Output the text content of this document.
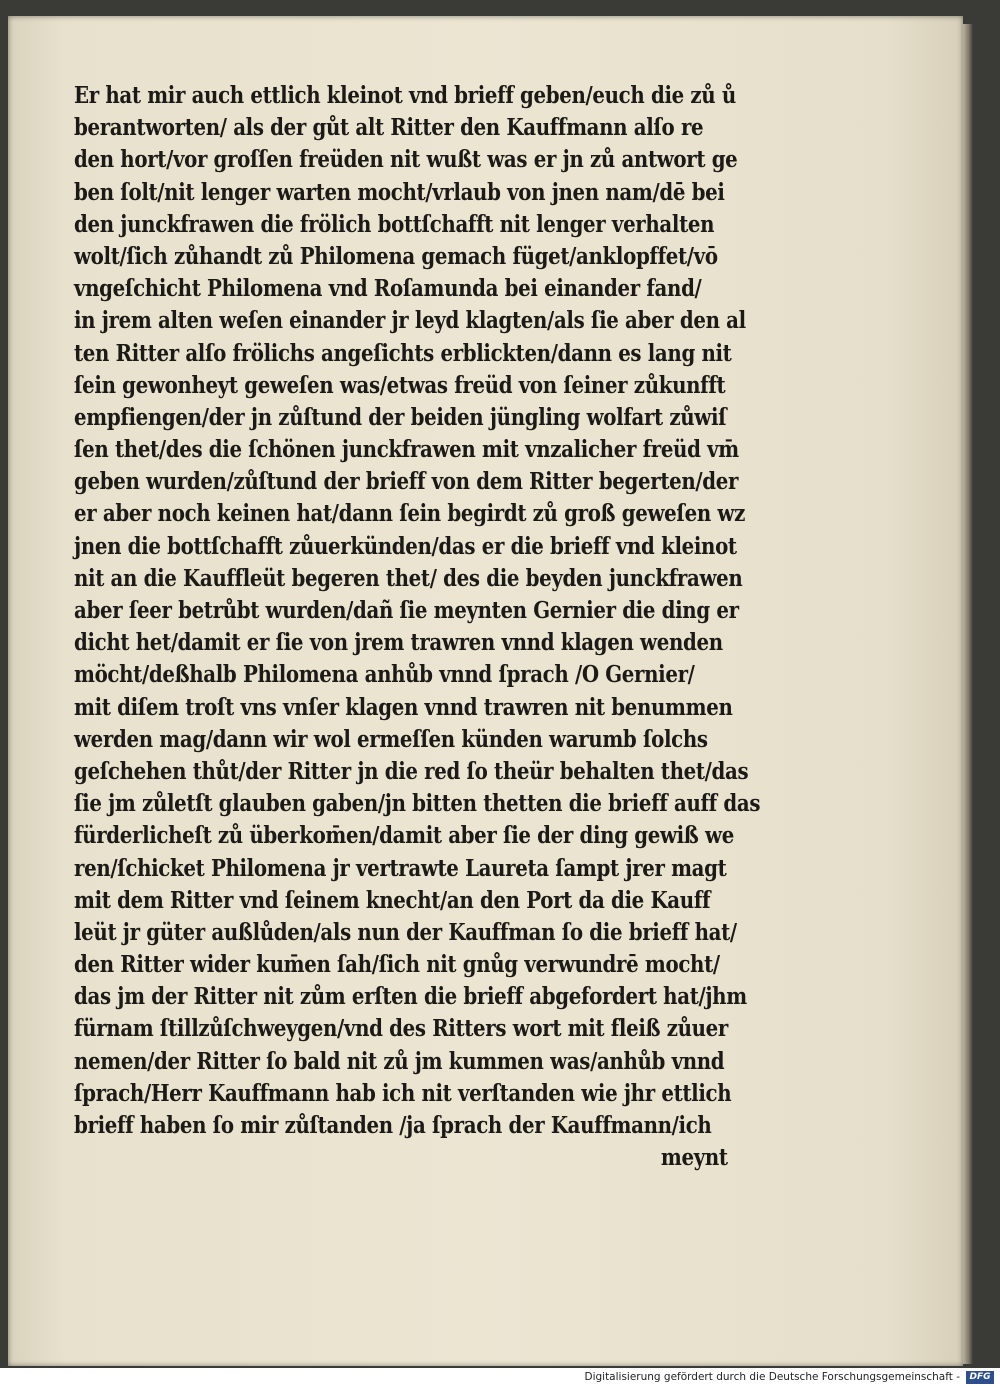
Er hat mir auch ettlich kleinot vnd brieff geben/euch die zů ů
berantworten/ als der gůt alt Ritter den Kauffmann alſo re
den hort/vor groſſen freüden nit wußt was er jn zů antwort ge
ben ſolt/nit lenger warten mocht/vrlaub von jnen nam/dē bei
den junckfrawen die frölich bottſchafft nit lenger verhalten
wolt/ſich zůhandt zů Philomena gemach füget/anklopffet/vō
vngeſchicht Philomena vnd Roſamunda bei einander fand/
in jrem alten weſen einander jr leyd klagten/als ſie aber den al
ten Ritter alſo frölichs angeſichts erblickten/dann es lang nit
ſein gewonheyt geweſen was/etwas freüd von ſeiner zůkunfft
empfiengen/der jn zůſtund der beiden jüngling wolfart zůwiſ
ſen thet/des die ſchönen junckfrawen mit vnzalicher freüd vm̄
geben wurden/zůſtund der brieff von dem Ritter begerten/der
er aber noch keinen hat/dann ſein begirdt zů groß geweſen wz
jnen die bottſchafft zůuerkünden/das er die brieff vnd kleinot
nit an die Kauffleüt begeren thet/ des die beyden junckfrawen
aber ſeer betrůbt wurden/dañ ſie meynten Gernier die ding er
dicht het/damit er ſie von jrem trawren vnnd klagen wenden
möcht/deßhalb Philomena anhůb vnnd ſprach /O Gernier/
mit diſem troſt vns vnſer klagen vnnd trawren nit benummen
werden mag/dann wir wol ermeſſen künden warumb ſolchs
geſchehen thůt/der Ritter jn die red ſo theür behalten thet/das
ſie jm zůletſt glauben gaben/jn bitten thetten die brieff auff das
fürderlicheſt zů überkom̄en/damit aber ſie der ding gewiß we
ren/ſchicket Philomena jr vertrawte Laureta ſampt jrer magt
mit dem Ritter vnd ſeinem knecht/an den Port da die Kauff
leüt jr güter außlůden/als nun der Kauffman ſo die brieff hat/
den Ritter wider kum̄en ſah/ſich nit gnůg verwundrē mocht/
das jm der Ritter nit zům erſten die brieff abgefordert hat/jhm
fürnam ſtillzůſchweygen/vnd des Ritters wort mit fleiß zůuer
nemen/der Ritter ſo bald nit zů jm kummen was/anhůb vnnd
ſprach/Herr Kauffmann hab ich nit verſtanden wie jhr ettlich
brieff haben ſo mir zůſtanden /ja ſprach der Kauffmann/ich
meynt
Digitalisierung gefördert durch die Deutsche Forschungsgemeinschaft -	DFG
